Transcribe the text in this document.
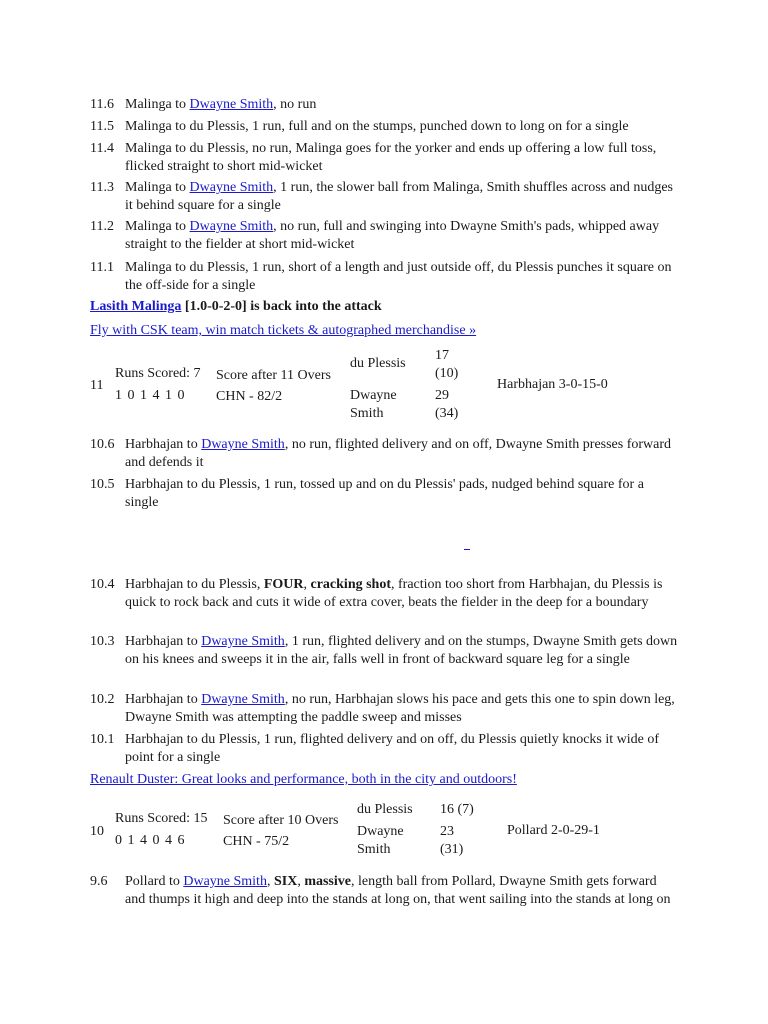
11.6 Malinga to Dwayne Smith, no run
11.5 Malinga to du Plessis, 1 run, full and on the stumps, punched down to long on for a single
11.4 Malinga to du Plessis, no run, Malinga goes for the yorker and ends up offering a low full toss, flicked straight to short mid-wicket
11.3 Malinga to Dwayne Smith, 1 run, the slower ball from Malinga, Smith shuffles across and nudges it behind square for a single
11.2 Malinga to Dwayne Smith, no run, full and swinging into Dwayne Smith's pads, whipped away straight to the fielder at short mid-wicket
11.1 Malinga to du Plessis, 1 run, short of a length and just outside off, du Plessis punches it square on the off-side for a single
Lasith Malinga [1.0-0-2-0] is back into the attack
Fly with CSK team, win match tickets & autographed merchandise »
11
Runs Scored: 7
1 0 1 4 1 0
Score after 11 Overs
CHN - 82/2
du Plessis
Dwayne
Smith
17
(10)
29
(34)
Harbhajan 3-0-15-0
10.6 Harbhajan to Dwayne Smith, no run, flighted delivery and on off, Dwayne Smith presses forward and defends it
10.5 Harbhajan to du Plessis, 1 run, tossed up and on du Plessis' pads, nudged behind square for a single
10.4 Harbhajan to du Plessis, FOUR, cracking shot, fraction too short from Harbhajan, du Plessis is quick to rock back and cuts it wide of extra cover, beats the fielder in the deep for a boundary
10.3 Harbhajan to Dwayne Smith, 1 run, flighted delivery and on the stumps, Dwayne Smith gets down on his knees and sweeps it in the air, falls well in front of backward square leg for a single
10.2 Harbhajan to Dwayne Smith, no run, Harbhajan slows his pace and gets this one to spin down leg, Dwayne Smith was attempting the paddle sweep and misses
10.1 Harbhajan to du Plessis, 1 run, flighted delivery and on off, du Plessis quietly knocks it wide of point for a single
Renault Duster: Great looks and performance, both in the city and outdoors!
10
Runs Scored: 15
0 1 4 0 4 6
Score after 10 Overs
CHN - 75/2
du Plessis
Dwayne
Smith
16 (7)
23
(31)
Pollard 2-0-29-1
9.6	Pollard to Dwayne Smith, SIX, massive, length ball from Pollard, Dwayne Smith gets forward and thumps it high and deep into the stands at long on, that went sailing into the stands at long on
